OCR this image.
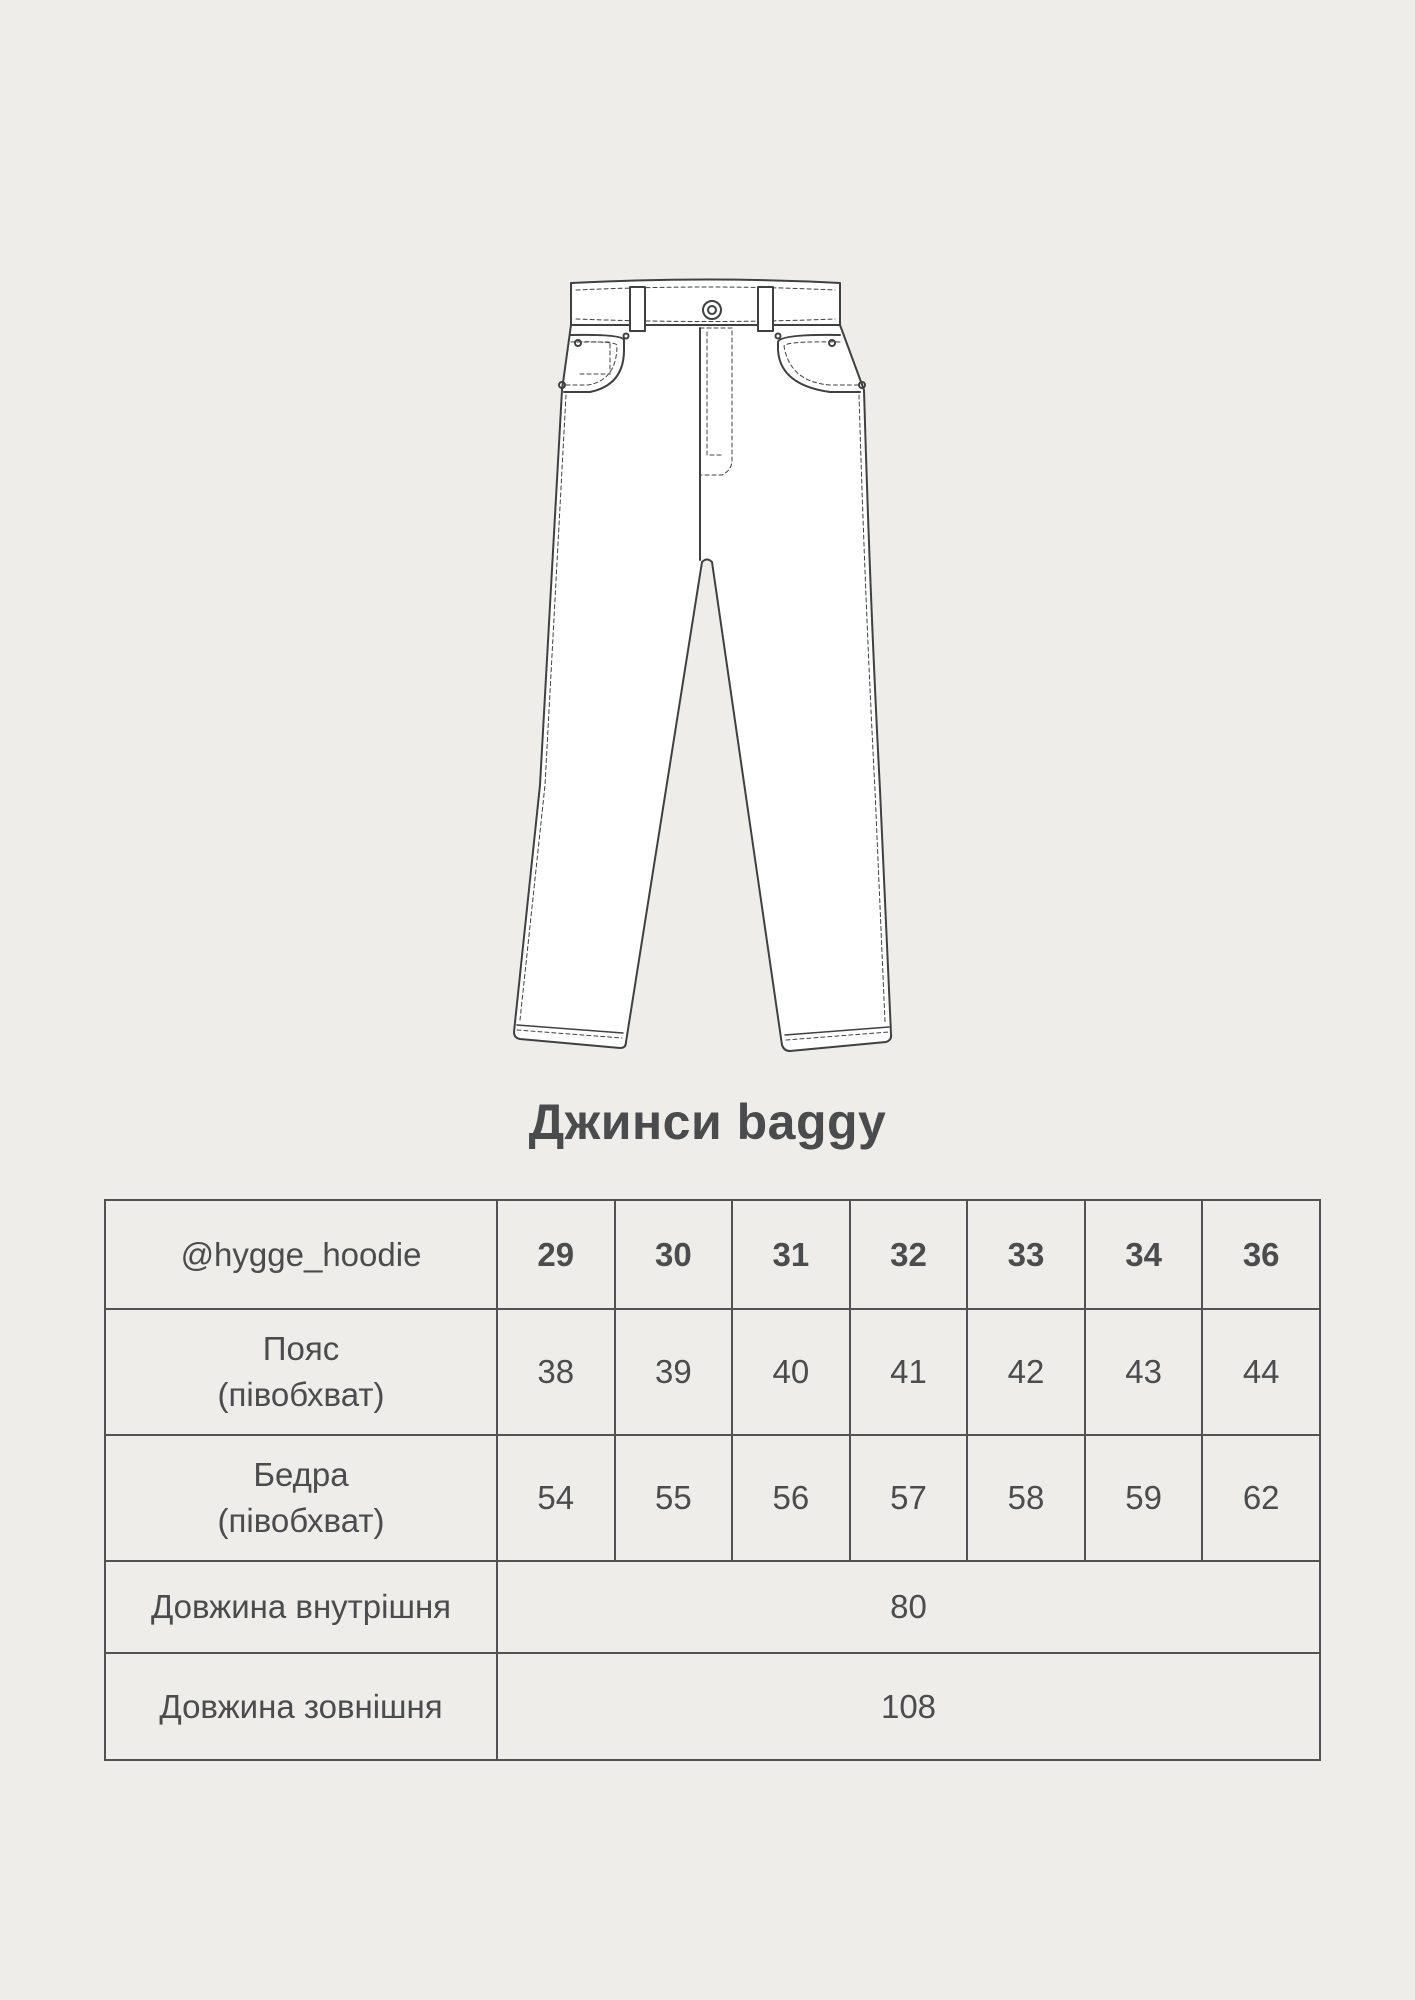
Джинси baggy
@hygge_hoodie	29	30	31	32	33	34	36

Пояс
(півобхват)	38	39	40	41	42	43	44

Бедра
(півобхват)	54	55	56	57	58	59	62
Довжина внутрішня	80						
Довжина зовнішня	108						
